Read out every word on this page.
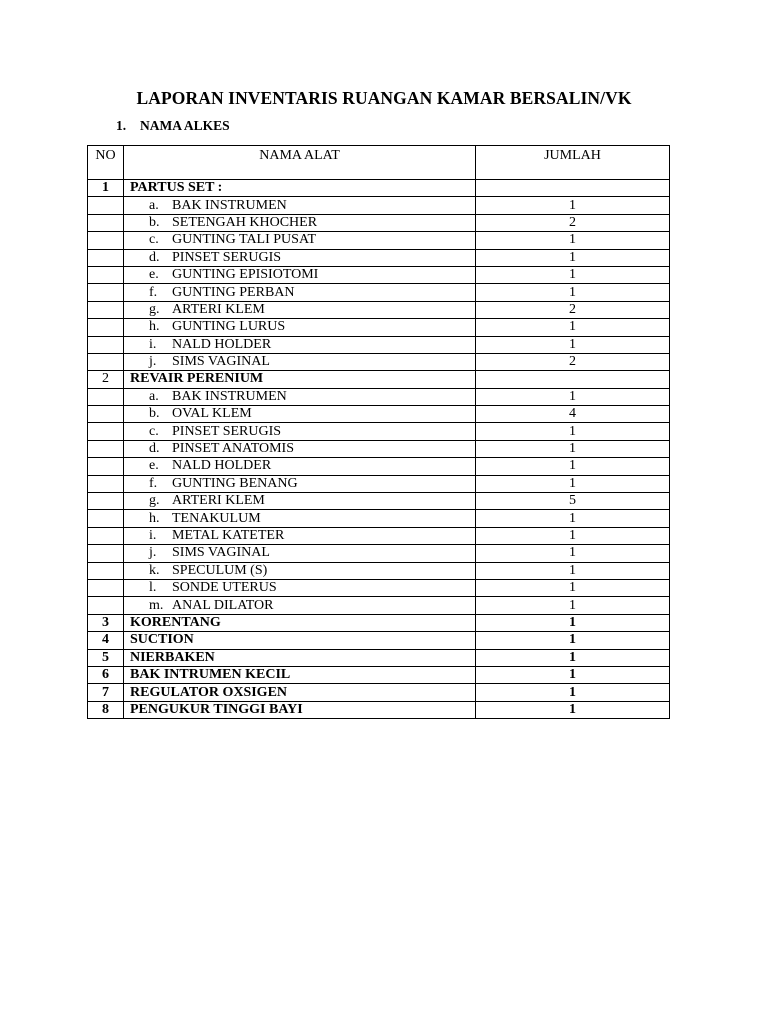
LAPORAN INVENTARIS RUANGAN KAMAR BERSALIN/VK
1. NAMA ALKES
NO	NAMA ALAT	JUMLAH
1	PARTUS SET :	
	a. BAK INSTRUMEN	1
	b. SETENGAH KHOCHER	2
	c. GUNTING TALI PUSAT	1
	d. PINSET SERUGIS	1
	e. GUNTING EPISIOTOMI	1
	f. GUNTING PERBAN	1
	g. ARTERI KLEM	2
	h. GUNTING LURUS	1
	i. NALD HOLDER	1
	j. SIMS VAGINAL	2
2	REVAIR PERENIUM	
	a. BAK INSTRUMEN	1
	b. OVAL KLEM	4
	c. PINSET SERUGIS	1
	d. PINSET ANATOMIS	1
	e. NALD HOLDER	1
	f. GUNTING BENANG	1
	g. ARTERI KLEM	5
	h. TENAKULUM	1
	i. METAL KATETER	1
	j. SIMS VAGINAL	1
	k. SPECULUM (S)	1
	l. SONDE UTERUS	1
	m. ANAL DILATOR	1
3	KORENTANG	1
4	SUCTION	1
5	NIERBAKEN	1
6	BAK INTRUMEN KECIL	1
7	REGULATOR OXSIGEN	1
8	PENGUKUR TINGGI BAYI	1
